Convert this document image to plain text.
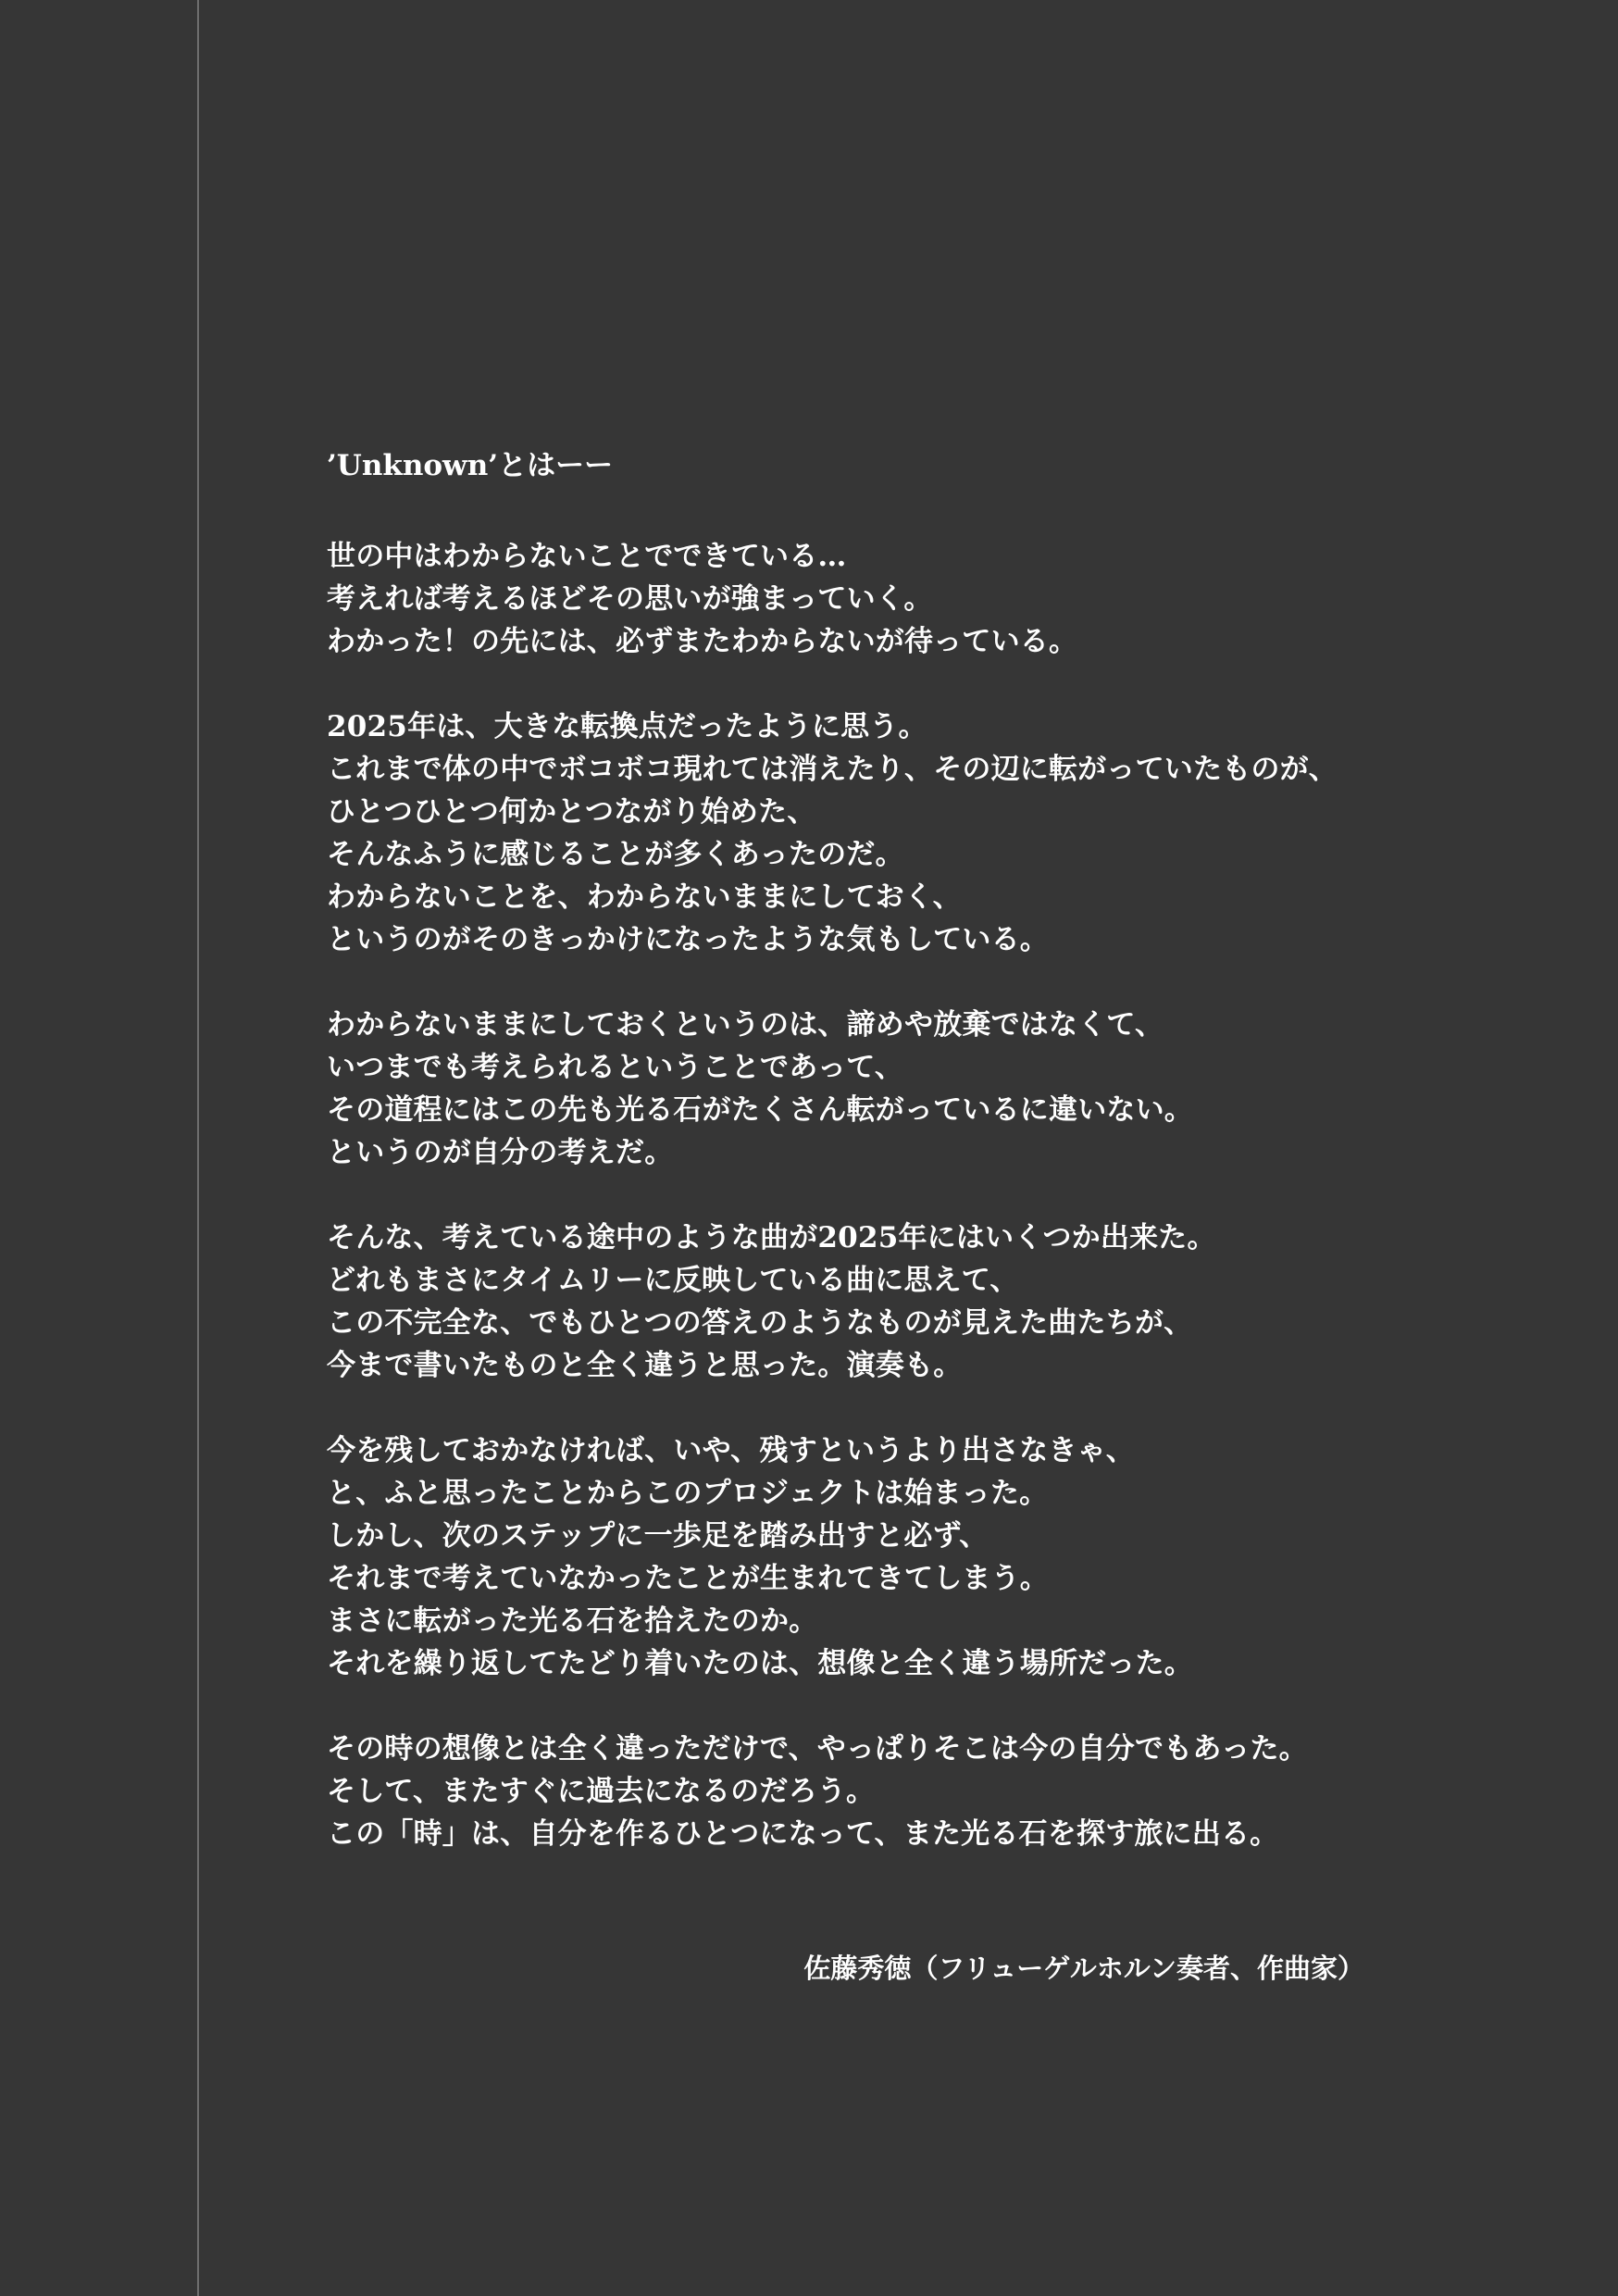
’Unknown’とはーー
世の中はわからないことでできている…
考えれば考えるほどその思いが強まっていく。
わかった！の先には、必ずまたわからないが待っている。
2025年は、大きな転換点だったように思う。
これまで体の中でボコボコ現れては消えたり、その辺に転がっていたものが、
ひとつひとつ何かとつながり始めた、
そんなふうに感じることが多くあったのだ。
わからないことを、わからないままにしておく、
というのがそのきっかけになったような気もしている。
わからないままにしておくというのは、諦めや放棄ではなくて、
いつまでも考えられるということであって、
その道程にはこの先も光る石がたくさん転がっているに違いない。
というのが自分の考えだ。
そんな、考えている途中のような曲が2025年にはいくつか出来た。
どれもまさにタイムリーに反映している曲に思えて、
この不完全な、でもひとつの答えのようなものが見えた曲たちが、
今まで書いたものと全く違うと思った。演奏も。
今を残しておかなければ、いや、残すというより出さなきゃ、
と、ふと思ったことからこのプロジェクトは始まった。
しかし、次のステップに一歩足を踏み出すと必ず、
それまで考えていなかったことが生まれてきてしまう。
まさに転がった光る石を拾えたのか。
それを繰り返してたどり着いたのは、想像と全く違う場所だった。
その時の想像とは全く違っただけで、やっぱりそこは今の自分でもあった。
そして、またすぐに過去になるのだろう。
この「時」は、自分を作るひとつになって、また光る石を探す旅に出る。
佐藤秀徳（フリューゲルホルン奏者、作曲家）
